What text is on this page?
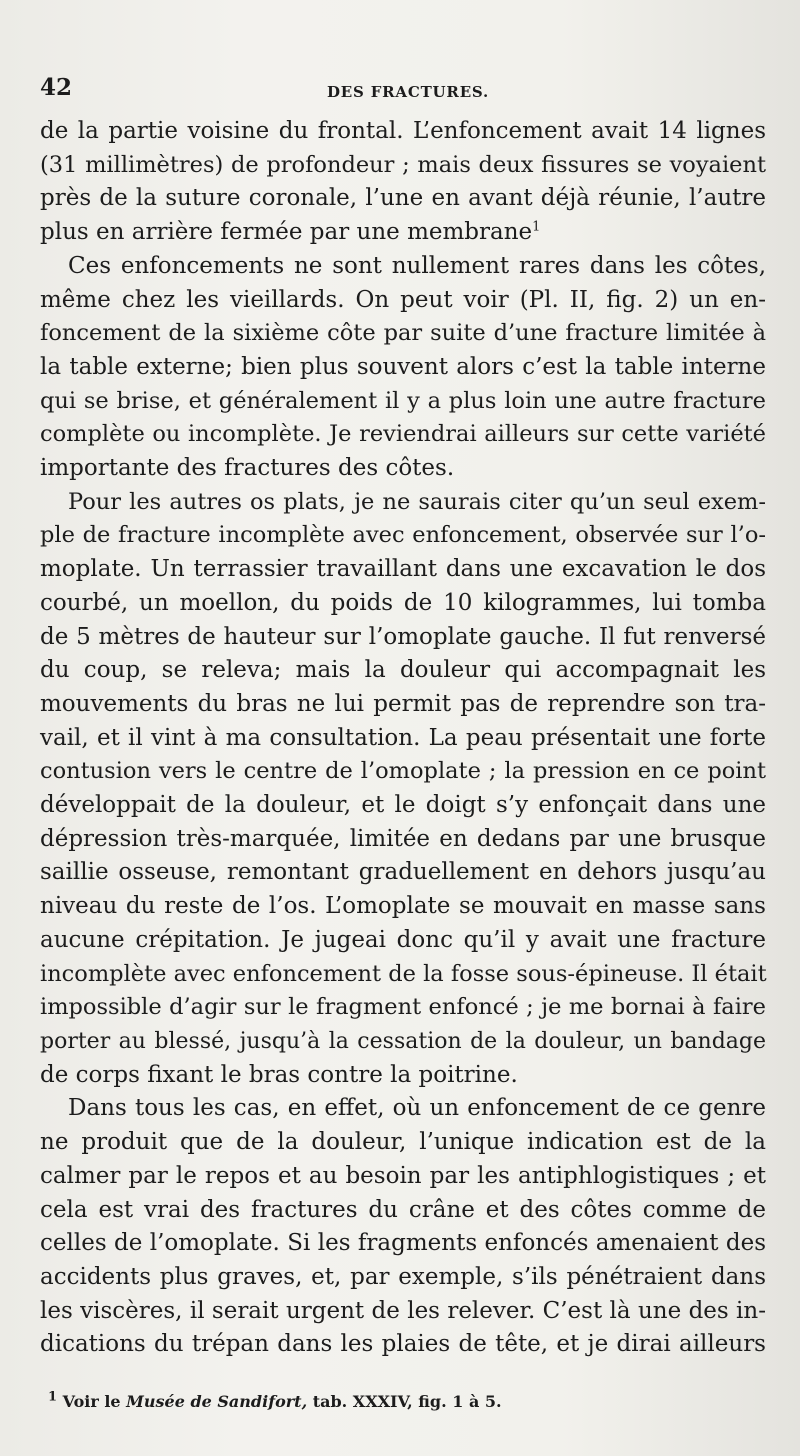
42	DES FRACTURES.

de la partie voisine du frontal. L’enfoncement avait 14 lignes
(31 millimètres) de profondeur ; mais deux fissures se voyaient
près de la suture coronale, l’une en avant déjà réunie, l’autre
plus en arrière fermée par une membrane$^1$

Ces enfoncements ne sont nullement rares dans les côtes,
même chez les vieillards. On peut voir (Pl. II, fig. 2) un en-
foncement de la sixième côte par suite d’une fracture limitée à
la table externe; bien plus souvent alors c’est la table interne
qui se brise, et généralement il y a plus loin une autre fracture
complète ou incomplète. Je reviendrai ailleurs sur cette variété
importante des fractures des côtes.

Pour les autres os plats, je ne saurais citer qu’un seul exem-
ple de fracture incomplète avec enfoncement, observée sur l’o-
moplate. Un terrassier travaillant dans une excavation le dos
courbé, un moellon, du poids de 10 kilogrammes, lui tomba
de 5 mètres de hauteur sur l’omoplate gauche. Il fut renversé
du coup, se releva; mais la douleur qui accompagnait les
mouvements du bras ne lui permit pas de reprendre son tra-
vail, et il vint à ma consultation. La peau présentait une forte
contusion vers le centre de l’omoplate ; la pression en ce point
développait de la douleur, et le doigt s’y enfonçait dans une
dépression très-marquée, limitée en dedans par une brusque
saillie osseuse, remontant graduellement en dehors jusqu’au
niveau du reste de l’os. L’omoplate se mouvait en masse sans
aucune crépitation. Je jugeai donc qu’il y avait une fracture
incomplète avec enfoncement de la fosse sous-épineuse. Il était
impossible d’agir sur le fragment enfoncé ; je me bornai à faire
porter au blessé, jusqu’à la cessation de la douleur, un bandage
de corps fixant le bras contre la poitrine.

Dans tous les cas, en effet, où un enfoncement de ce genre
ne produit que de la douleur, l’unique indication est de la
calmer par le repos et au besoin par les antiphlogistiques ; et
cela est vrai des fractures du crâne et des côtes comme de
celles de l’omoplate. Si les fragments enfoncés amenaient des
accidents plus graves, et, par exemple, s’ils pénétraient dans
les viscères, il serait urgent de les relever. C’est là une des in-
dications du trépan dans les plaies de tête, et je dirai ailleurs

$^1$ Voir le Musée de Sandifort, tab. XXXIV, fig. 1 à 5.
